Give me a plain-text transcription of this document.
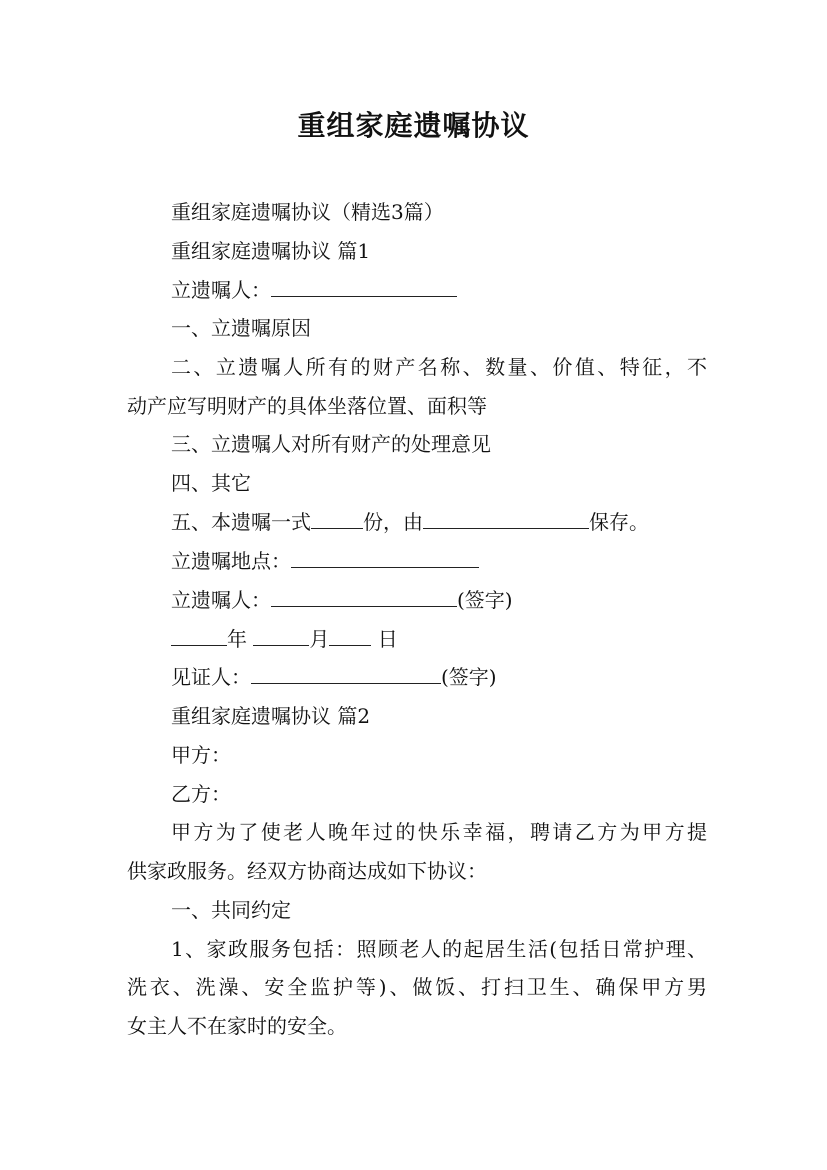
重组家庭遗嘱协议
重组家庭遗嘱协议（精选3篇）
重组家庭遗嘱协议 篇1
立遗嘱人：
一、立遗嘱原因
二、立遗嘱人所有的财产名称、数量、价值、特征，不
动产应写明财产的具体坐落位置、面积等
三、立遗嘱人对所有财产的处理意见
四、其它
五、本遗嘱一式	份，由	保存。
立遗嘱地点：
立遗嘱人：	(签字)
年	月 日
见证人：	(签字)
重组家庭遗嘱协议 篇2
甲方：
乙方：
甲方为了使老人晚年过的快乐幸福，聘请乙方为甲方提
供家政服务。经双方协商达成如下协议：
一、共同约定
1、家政服务包括：照顾老人的起居生活(包括日常护理、
洗衣、洗澡、安全监护等)、做饭、打扫卫生、确保甲方男
女主人不在家时的安全。
